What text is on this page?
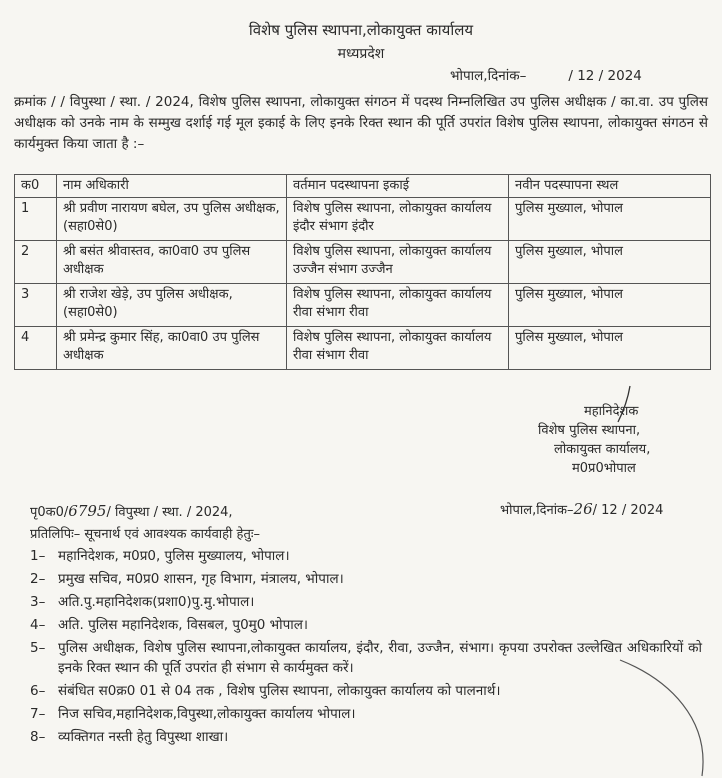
विशेष पुलिस स्थापना,लोकायुक्त कार्यालय
मध्यप्रदेश
भोपाल,दिनांक–	/ 12 / 2024
क्रमांक / / विपुस्था / स्था. / 2024, विशेष पुलिस स्थापना, लोकायुक्त संगठन में पदस्थ निम्नलिखित उप पुलिस अधीक्षक / का.वा. उप पुलिस अधीक्षक को उनके नाम के सम्मुख दर्शाई गई मूल इकाई के लिए इनके रिक्त स्थान की पूर्ति उपरांत विशेष पुलिस स्थापना, लोकायुक्त संगठन से कार्यमुक्त किया जाता है :–
क0	नाम अधिकारी	वर्तमान पदस्थापना इकाई	नवीन पदस्पापना स्थल
1	श्री प्रवीण नारायण बघेल, उप पुलिस अधीक्षक, (सहा0से0)	विशेष पुलिस स्थापना, लोकायुक्त कार्यालय इंदौर संभाग इंदौर	पुलिस मुख्याल, भोपाल
2	श्री बसंत श्रीवास्तव, का0वा0 उप पुलिस अधीक्षक	विशेष पुलिस स्थापना, लोकायुक्त कार्यालय उज्जैन संभाग उज्जैन	पुलिस मुख्याल, भोपाल
3	श्री राजेश खेड़े, उप पुलिस अधीक्षक, (सहा0से0)	विशेष पुलिस स्थापना, लोकायुक्त कार्यालय रीवा संभाग रीवा	पुलिस मुख्याल, भोपाल
4	श्री प्रमेन्द्र कुमार सिंह, का0वा0 उप पुलिस अधीक्षक	विशेष पुलिस स्थापना, लोकायुक्त कार्यालय रीवा संभाग रीवा	पुलिस मुख्याल, भोपाल
महानिदेशक
विशेष पुलिस स्थापना,
लोकायुक्त कार्यालय,
म0प्र0भोपाल
पृ0क0/6795/ विपुस्था / स्था. / 2024,	भोपाल,दिनांक–26/ 12 / 2024
प्रतिलिपिः– सूचनार्थ एवं आवश्यक कार्यवाही हेतुः–
1– महानिदेशक, म0प्र0, पुलिस मुख्यालय, भोपाल।
2– प्रमुख सचिव, म0प्र0 शासन, गृह विभाग, मंत्रालय, भोपाल।
3– अति.पु.महानिदेशक(प्रशा0)पु.मु.भोपाल।
4– अति. पुलिस महानिदेशक, विसबल, पु0मु0 भोपाल।
5– पुलिस अधीक्षक, विशेष पुलिस स्थापना,लोकायुक्त कार्यालय, इंदौर, रीवा, उज्जैन, संभाग। कृपया उपरोक्त उल्लेखित अधिकारियों को इनके रिक्त स्थान की पूर्ति उपरांत ही संभाग से कार्यमुक्त करें।
6– संबंधित स0क्र0 01 से 04 तक , विशेष पुलिस स्थापना, लोकायुक्त कार्यालय को पालनार्थ।
7– निज सचिव,महानिदेशक,विपुस्था,लोकायुक्त कार्यालय भोपाल।
8– व्यक्तिगत नस्ती हेतु विपुस्था शाखा।
